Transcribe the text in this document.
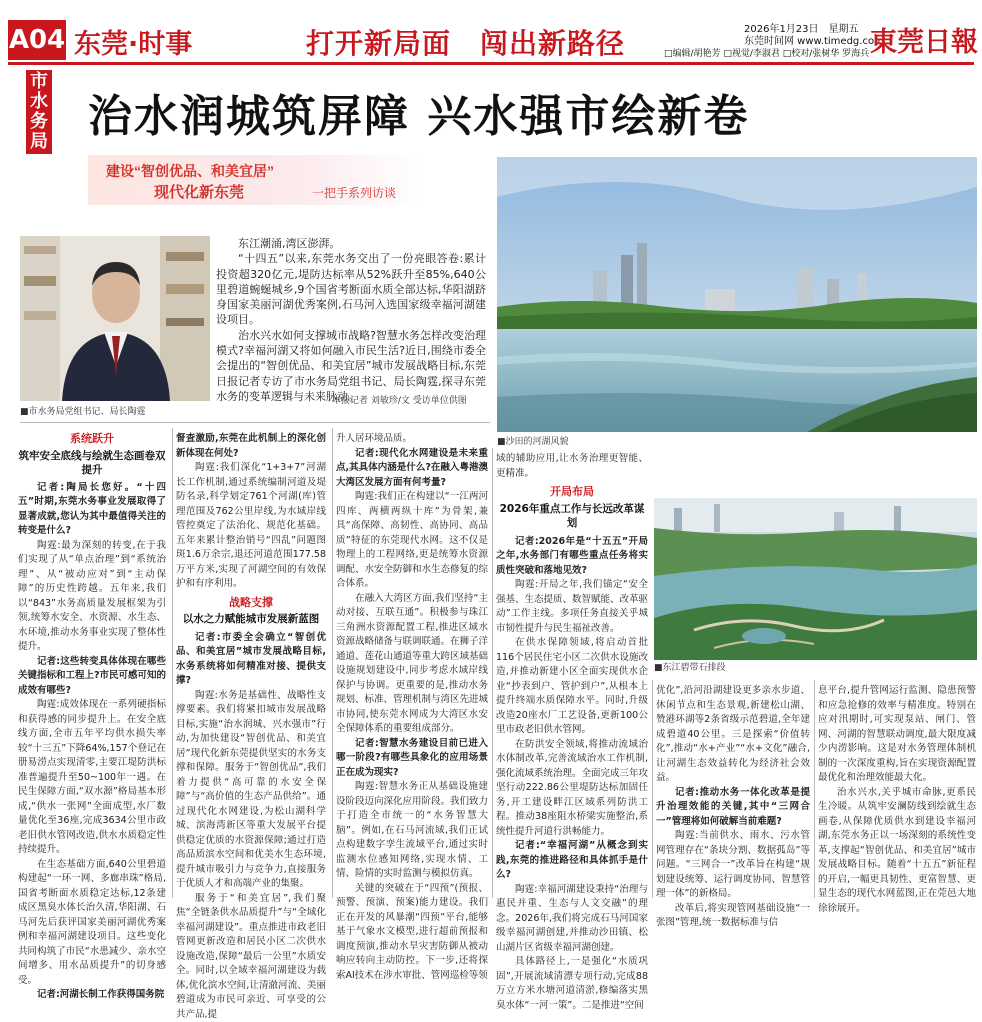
A04 东莞·时事	打开新局面　闯出新路径	2026年1月23日　星期五
东莞时间网 www.timedg.com
□编辑/胡艳芳 □视觉/李淑君 □校对/张树华 罗海兵 東莞日報
市水务局 治水润城筑屏障 兴水强市绘新卷
建设“智创优品、和美宜居”
现代化新东莞	一把手系列访谈
■市水务局党组书记、局长陶霆
东江潮涌,湾区澎湃。
“十四五”以来,东莞水务交出了一份亮眼答卷:累计投资超320亿元,堤防达标率从52%跃升至85%,640公里碧道蜿蜒城乡,9个国省考断面水质全部达标,华阳湖跻身国家美丽河湖优秀案例,石马河入选国家级幸福河湖建设项目。
治水兴水如何支撑城市战略?智慧水务怎样改变治理模式?幸福河湖又将如何融入市民生活?近日,围绕市委全会提出的“智创优品、和美宜居”城市发展战略目标,东莞日报记者专访了市水务局党组书记、局长陶霆,探寻东莞水务的变革逻辑与未来脉动。
本报记者 刘敏珍/文 受访单位供图
■沙田的河湖风貌
■东江碧带石排段
系统跃升
筑牢安全底线与绘就生态画卷双提升
记者:陶局长您好。“十四五”时期,东莞水务事业发展取得了显著成就,您认为其中最值得关注的转变是什么?
陶霆:最为深刻的转变,在于我们实现了从“单点治理”到“系统治理”、从“被动应对”到“主动保障”的历史性跨越。五年来,我们以“843”水务高质量发展框架为引领,统筹水安全、水资源、水生态、水环境,推动水务事业实现了整体性提升。
记者:这些转变具体体现在哪些关键指标和工程上?市民可感可知的成效有哪些?
陶霆:成效体现在一系列硬指标和获得感的同步提升上。在安全底线方面,全市五年平均供水损失率较“十三五”下降64%,157个登记在册易涝点实现清零,主要江堤防洪标准普遍提升至50~100年一遇。在民生保障方面,“双水源”格局基本形成,“供水一张网”全面成型,水厂数量优化至36座,完成3634公里市政老旧供水管网改造,供水水质稳定性持续提升。
在生态基础方面,640公里碧道构建起“一环一网、多廊串珠”格局,国省考断面水质稳定达标,12条建成区黑臭水体长治久清,华阳湖、石马河先后获评国家美丽河湖优秀案例和幸福河湖建设项目。这些变化共同构筑了市民“水患减少、亲水空间增多、用水品质提升”的切身感受。
记者:河湖长制工作获得国务院
督查激励,东莞在此机制上的深化创新体现在何处?
陶霆:我们深化“1+3+7”河湖长工作机制,通过系统编制河道及堤防名录,科学划定761个河湖(库)管理范围及762公里岸线,为水域岸线管控奠定了法治化、规范化基础。五年来累计整治销号“四乱”问题图斑1.6万余宗,退还河道范围177.58万平方米,实现了河湖空间的有效保护和有序利用。
战略支撑
以水之力赋能城市发展新蓝图
记者:市委全会确立“智创优品、和美宜居”城市发展战略目标,水务系统将如何精准对接、提供支撑?
陶霆:水务是基础性、战略性支撑要素。我们将紧扣城市发展战略目标,实施“治水润城、兴水强市”行动,为加快建设“智创优品、和美宜居”现代化新东莞提供坚实的水务支撑和保障。服务于“智创优品”,我们着力提供“高可靠的水安全保障”与“高价值的生态产品供给”。通过现代化水网建设,为松山湖科学城、滨海湾新区等重大发展平台提供稳定优质的水资源保障;通过打造高品质滨水空间和优美水生态环境,提升城市吸引力与竞争力,直接服务于优质人才和高端产业的集聚。
服务于“和美宜居”,我们聚焦“全链条供水品质提升”与“全域化幸福河湖建设”。重点推进市政老旧管网更新改造和居民小区二次供水设施改造,保障“最后一公里”水质安全。同时,以全域幸福河湖建设为载体,优化滨水空间,让清澈河流、美丽碧道成为市民可亲近、可享受的公共产品,提
升人居环境品质。
记者:现代化水网建设是未来重点,其具体内涵是什么?在融入粤港澳大湾区发展方面有何考量?
陶霆:我们正在构建以“一江两河四库、两横两纵十库”为骨架,兼具“高保障、高韧性、高协同、高品质”特征的东莞现代水网。这不仅是物理上的工程网络,更是统筹水资源调配、水安全防御和水生态修复的综合体系。
在融入大湾区方面,我们坚持“主动对接、互联互通”。积极参与珠江三角洲水资源配置工程,推进区域水资源战略储备与联调联通。在狮子洋通道、莲花山通道等重大跨区域基础设施规划建设中,同步考虑水域岸线保护与协调。更重要的是,推动水务规划、标准、管理机制与湾区先进城市协同,使东莞水网成为大湾区水安全保障体系的重要组成部分。
记者:智慧水务建设目前已进入哪一阶段?有哪些具象化的应用场景正在成为现实?
陶霆:智慧水务正从基础设施建设阶段迈向深化应用阶段。我们致力于打造全市统一的“水务智慧大脑”。例如,在石马河流域,我们正试点构建数字孪生流域平台,通过实时监测水位感知网络,实现水情、工情、险情的实时监测与模拟仿真。
关键的突破在于“四预”(预报、预警、预演、预案)能力建设。我们正在开发的风暴潮“四预”平台,能够基于气象水文模型,进行超前预报和调度预演,推动水旱灾害防御从被动响应转向主动防控。下一步,还将探索AI技术在涉水审批、管网巡检等领
域的辅助应用,让水务治理更智能、更精准。
开局布局
2026年重点工作与长远改革谋划
记者:2026年是“十五五”开局之年,水务部门有哪些重点任务将实质性突破和落地见效?
陶霆:开局之年,我们锚定“安全强基、生态提质、数智赋能、改革驱动”工作主线。多项任务直接关乎城市韧性提升与民生福祉改善。
在供水保障领域,将启动首批116个居民住宅小区二次供水设施改造,并推动新建小区全面实现供水企业“抄表到户、管护到户”,从根本上提升终端水质保障水平。同时,升级改造20座水厂工艺设备,更新100公里市政老旧供水管网。
在防洪安全领域,将推动流域治水体制改革,完善流域治水工作机制,强化流域系统治理。全面完成三年攻坚行动222.86公里堤防达标加固任务,开工建设畔江区域系列防洪工程。推动38座阻水桥梁实施整治,系统性提升河道行洪畅能力。
记者:“幸福河湖”从概念到实践,东莞的推进路径和具体抓手是什么?
陶霆:幸福河湖建设秉持“治理与惠民并重、生态与人文交融”的理念。2026年,我们将完成石马河国家级幸福河湖创建,并推动沙田镇、松山湖片区省级幸福河湖创建。
具体路径上,一是强化“水质巩固”,开展流域清漂专项行动,完成88万立方米水塘河道清淤,修编落实黑臭水体“一河一策”。二是推进“空间
优化”,沿河沿湖建设更多亲水步道、休闲节点和生态景观,新建松山湖、赞港环湖等2条省级示范碧道,全年建成碧道40公里。三是探索“价值转化”,推动“水+产业”“水+文化”融合,让河湖生态效益转化为经济社会效益。
记者:推动水务一体化改革是提升治理效能的关键,其中“三网合一”管理将如何破解当前难题?
陶霆:当前供水、雨水、污水管网管理存在“条块分割、数据孤岛”等问题。“三网合一”改革旨在构建“规划建设统筹、运行调度协同、智慧管理一体”的新格局。
改革后,将实现管网基础设施“一张图”管理,统一数据标准与信
息平台,提升管网运行监测、隐患预警和应急抢修的效率与精准度。特别在应对汛期时,可实现泵站、闸门、管网、河湖的智慧联动调度,最大限度减少内涝影响。这是对水务管理体制机制的一次深度重构,旨在实现资源配置最优化和治理效能最大化。
治水兴水,关乎城市命脉,更系民生冷暖。从筑牢安澜防线到绘就生态画卷,从保障优质供水到建设幸福河湖,东莞水务正以一场深刻的系统性变革,支撑起“智创优品、和美宜居”城市发展战略目标。随着“十五五”新征程的开启,一幅更具韧性、更富智慧、更显生态的现代水网蓝图,正在莞邑大地徐徐展开。
